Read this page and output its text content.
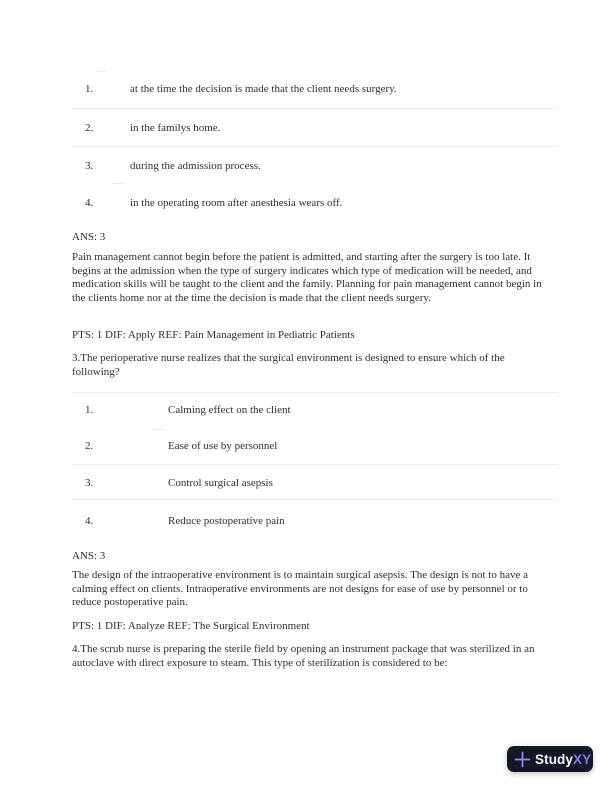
1.	at the time the decision is made that the client needs surgery.
2.	in the familys home.
3.	during the admission process.
4.	in the operating room after anesthesia wears off.
ANS: 3
Pain management cannot begin before the patient is admitted, and starting after the surgery is too late. It begins at the admission when the type of surgery indicates which type of medication will be needed, and medication skills will be taught to the client and the family. Planning for pain management cannot begin in the clients home nor at the time the decision is made that the client needs surgery.
PTS: 1 DIF: Apply REF: Pain Management in Pediatric Patients
3.The perioperative nurse realizes that the surgical environment is designed to ensure which of the following?
1.	Calming effect on the client
2.	Ease of use by personnel
3.	Control surgical asepsis
4.	Reduce postoperative pain
ANS: 3
The design of the intraoperative environment is to maintain surgical asepsis. The design is not to have a calming effect on clients. Intraoperative environments are not designs for ease of use by personnel or to reduce postoperative pain.
PTS: 1 DIF: Analyze REF: The Surgical Environment
4.The scrub nurse is preparing the sterile field by opening an instrument package that was sterilized in an autoclave with direct exposure to steam. This type of sterilization is considered to be:
StudyXY
